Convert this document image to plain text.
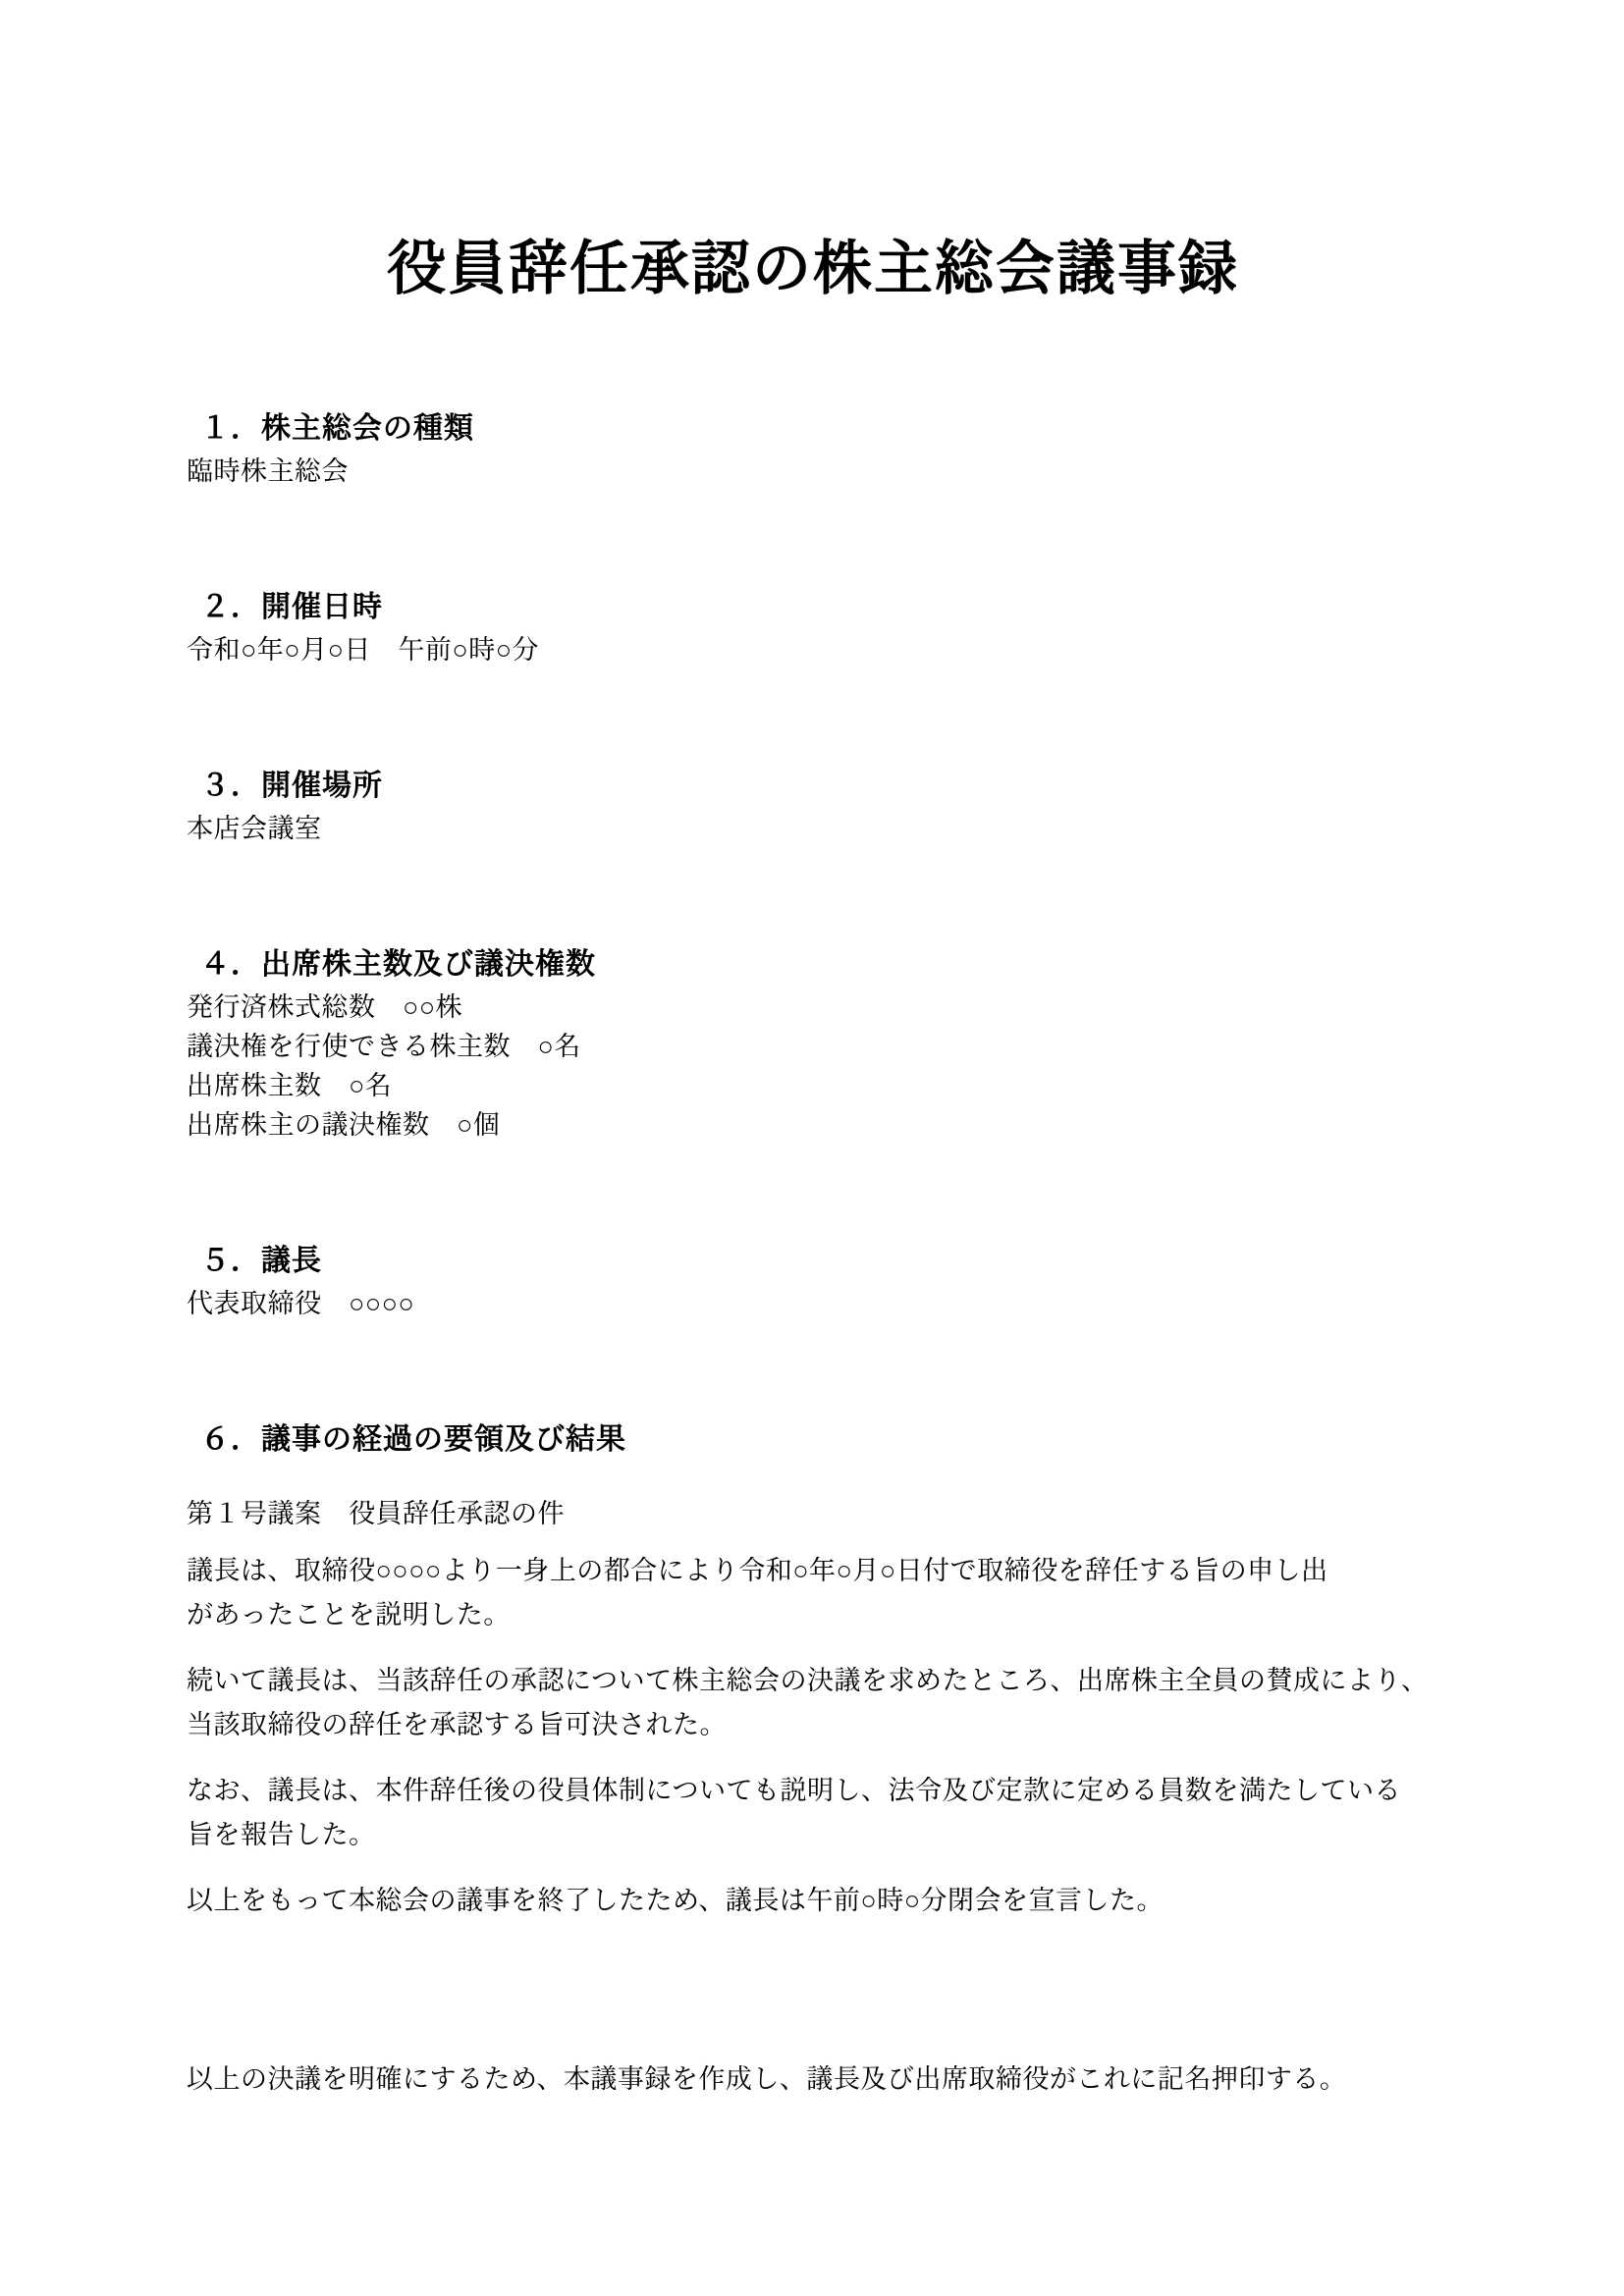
役員辞任承認の株主総会議事録
１．株主総会の種類

臨時株主総会

２．開催日時

令和○年○月○日　午前○時○分

３．開催場所

本店会議室

４．出席株主数及び議決権数

発行済株式総数　○○株

議決権を行使できる株主数　○名

出席株主数　○名

出席株主の議決権数　○個

５．議長

代表取締役　○○○○

６．議事の経過の要領及び結果

第１号議案　役員辞任承認の件

議長は、取締役○○○○より一身上の都合により令和○年○月○日付で取締役を辞任する旨の申し出

があったことを説明した。

続いて議長は、当該辞任の承認について株主総会の決議を求めたところ、出席株主全員の賛成により、

当該取締役の辞任を承認する旨可決された。

なお、議長は、本件辞任後の役員体制についても説明し、法令及び定款に定める員数を満たしている

旨を報告した。

以上をもって本総会の議事を終了したため、議長は午前○時○分閉会を宣言した。

以上の決議を明確にするため、本議事録を作成し、議長及び出席取締役がこれに記名押印する。
